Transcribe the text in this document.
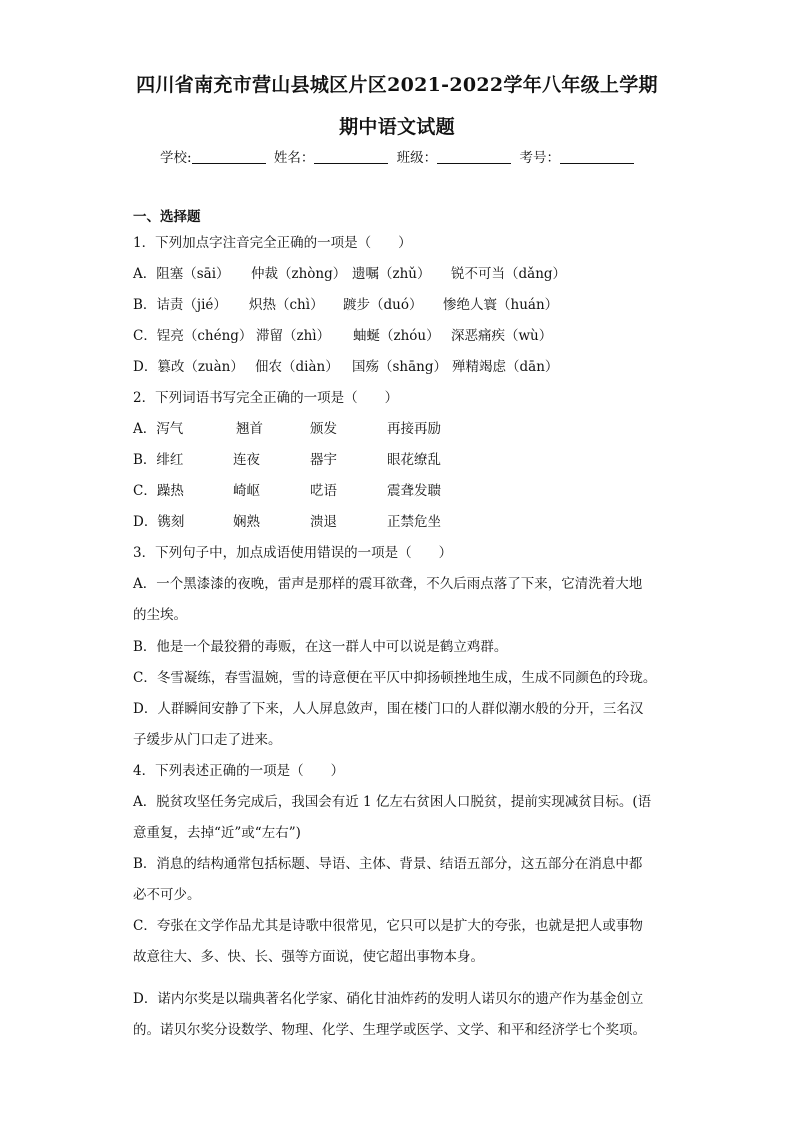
四川省南充市营山县城区片区2021-2022学年八年级上学期
期中语文试题
学校:	姓名：	班级：	考号：
一、选择题
1．下列加点字注音完全正确的一项是（　　）
A．阻塞（sāi） 仲裁（zhòng） 遗嘱（zhǔ） 锐不可当（dǎng）
B．诘责（jié） 炽热（chì） 踱步（duó） 惨绝人寰（huán）
C．锃亮（chéng） 滞留（zhì） 蚰蜒（zhóu） 深恶痛疾（wù）
D．篡改（zuàn） 佃农（diàn） 国殇（shāng） 殚精竭虑（dān）
2．下列词语书写完全正确的一项是（　　）
A．泻气	翘首	颁发	再接再励
B．绯红	连夜	器宇	眼花缭乱
C．躁热	崎岖	呓语	震聋发聩
D．镌刻	娴熟	溃退	正禁危坐
3．下列句子中，加点成语使用错误的一项是（　　）
A．一个黑漆漆的夜晚，雷声是那样的震耳欲聋，不久后雨点落了下来，它清洗着大地
的尘埃。
B．他是一个最狡猾的毒贩，在这一群人中可以说是鹤立鸡群。
C．冬雪凝练，春雪温婉，雪的诗意便在平仄中抑扬顿挫地生成，生成不同颜色的玲珑。
D．人群瞬间安静了下来，人人屏息敛声，围在楼门口的人群似潮水般的分开，三名汉
子缓步从门口走了进来。
4．下列表述正确的一项是（　　）
A．脱贫攻坚任务完成后，我国会有近 1 亿左右贫困人口脱贫，提前实现减贫目标。(语
意重复，去掉“近”或“左右”)
B．消息的结构通常包括标题、导语、主体、背景、结语五部分，这五部分在消息中都
必不可少。
C．夸张在文学作品尤其是诗歌中很常见，它只可以是扩大的夸张，也就是把人或事物
故意往大、多、快、长、强等方面说，使它超出事物本身。
D．诺内尔奖是以瑞典著名化学家、硝化甘油炸药的发明人诺贝尔的遗产作为基金创立
的。诺贝尔奖分设数学、物理、化学、生理学或医学、文学、和平和经济学七个奖项。
